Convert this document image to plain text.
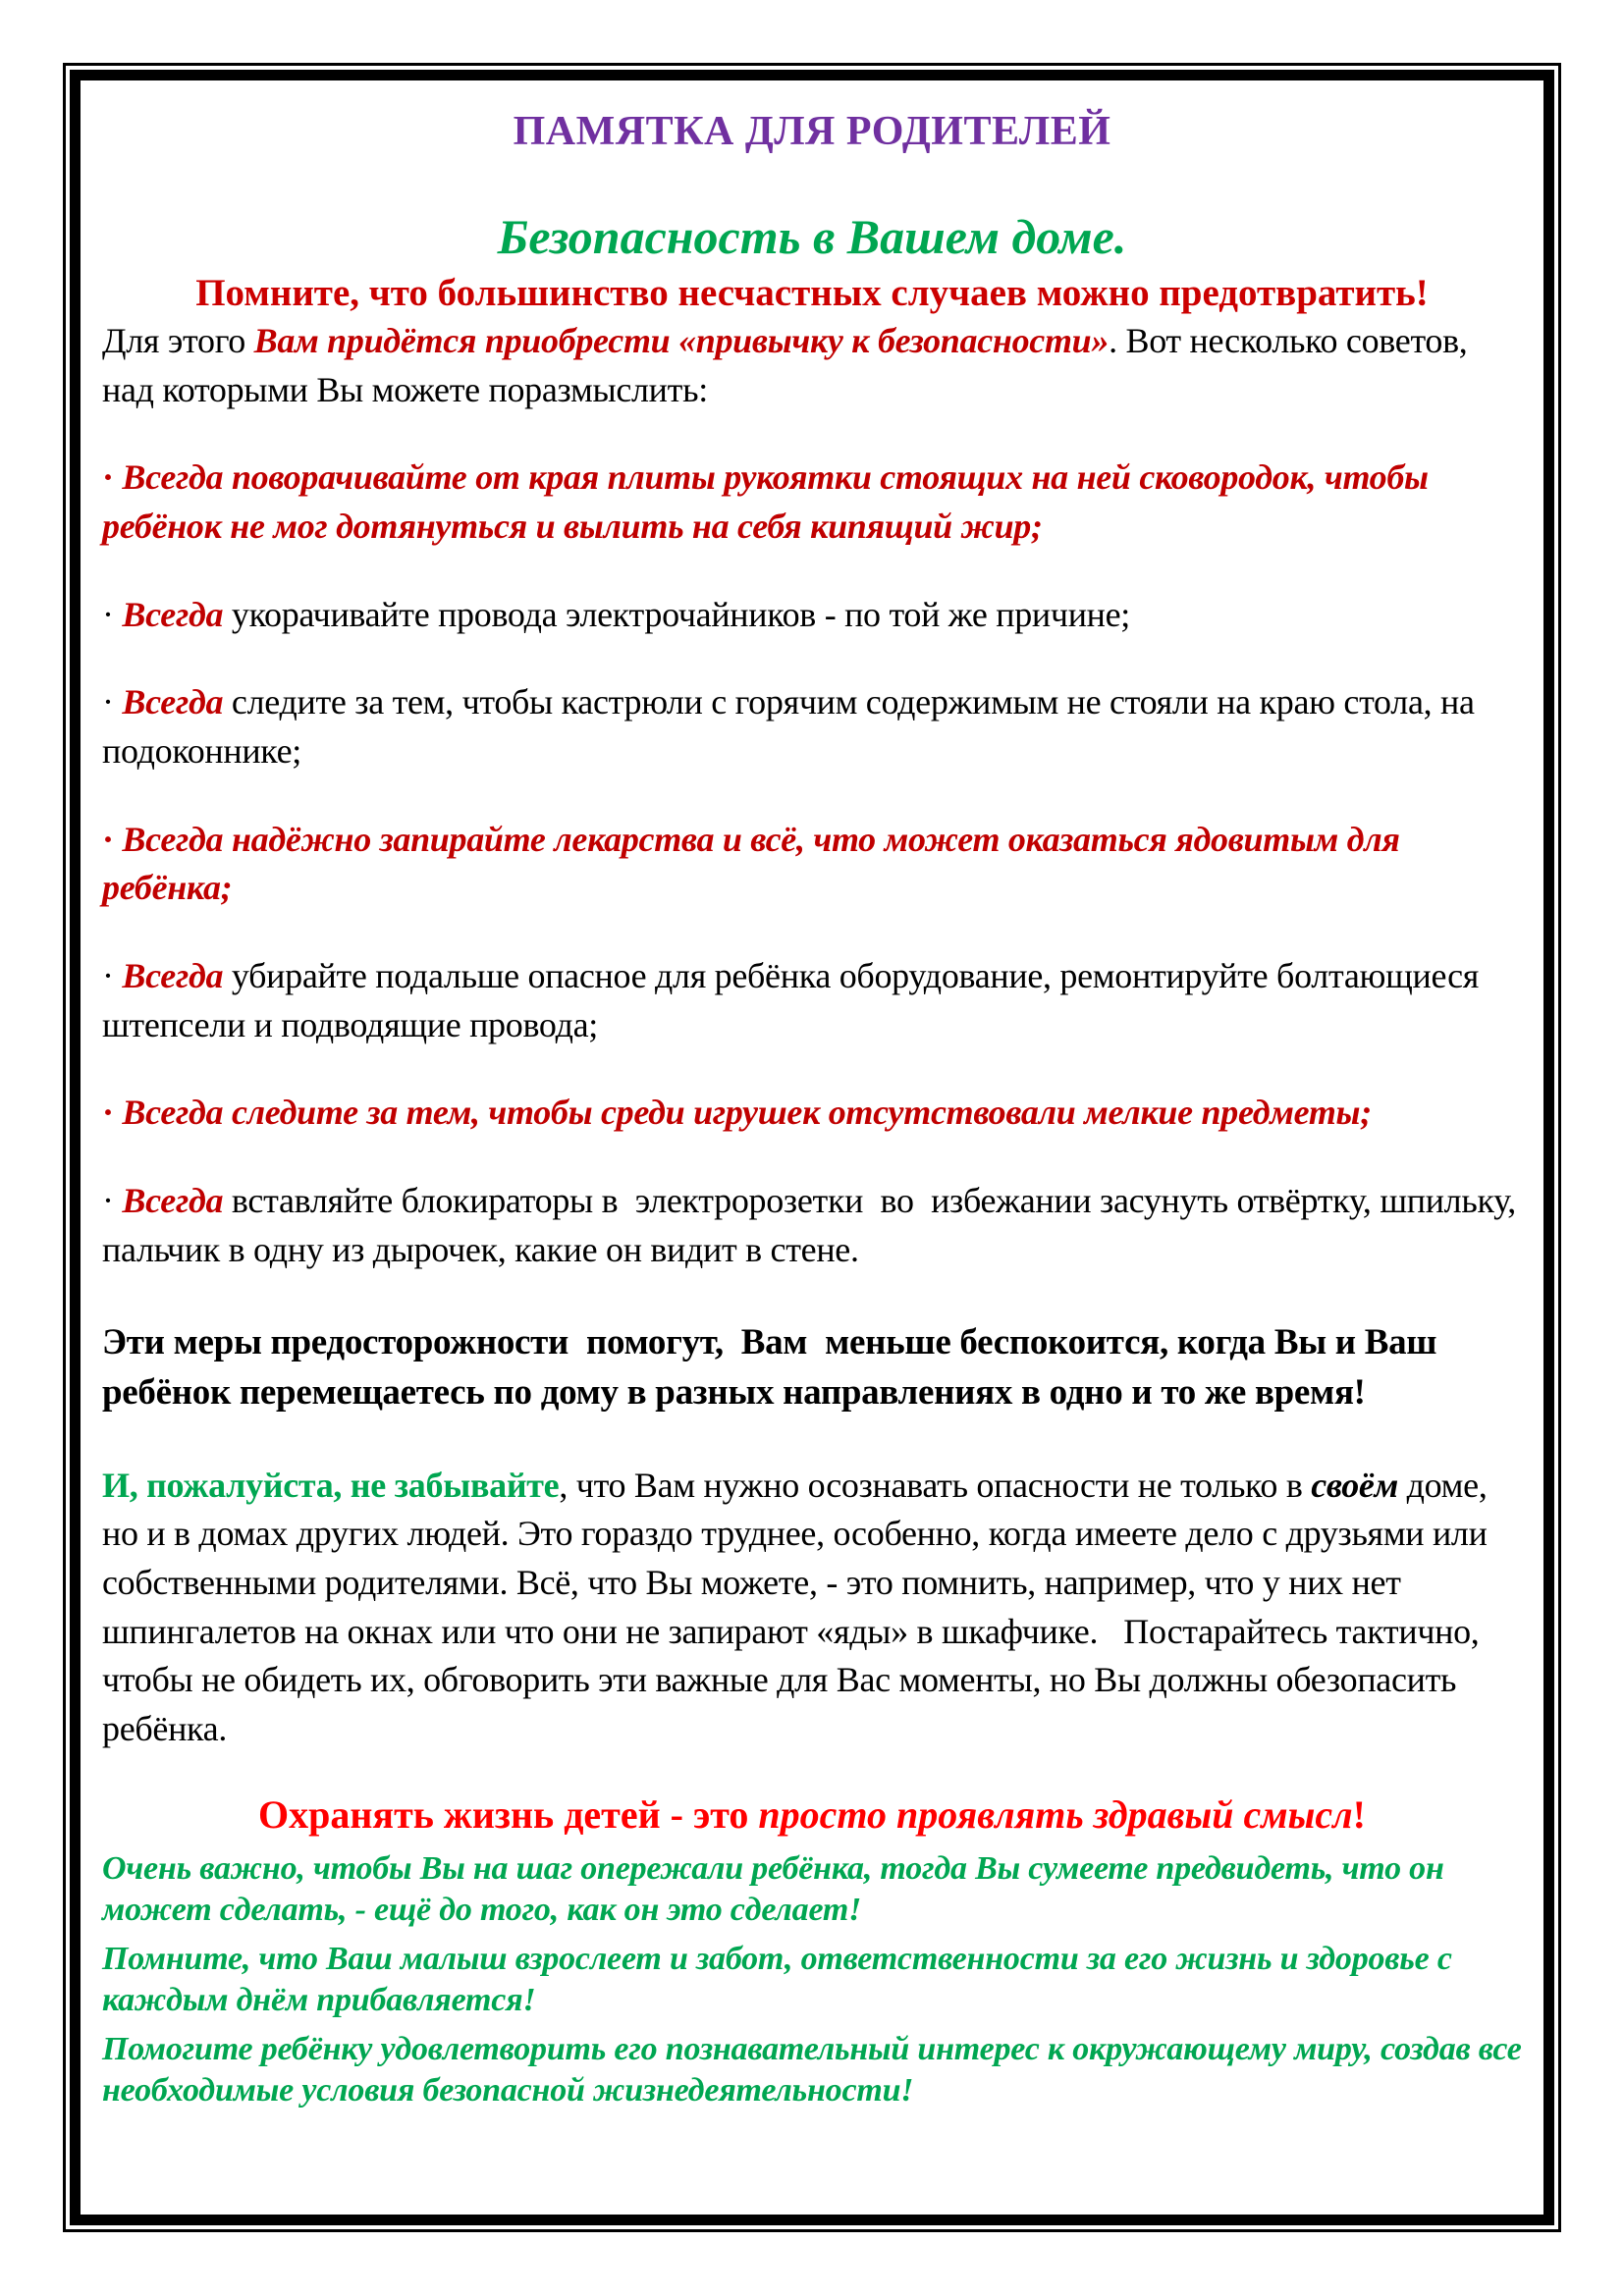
ПАМЯТКА ДЛЯ РОДИТЕЛЕЙ
Безопасность в Вашем доме.

Помните, что большинство несчастных случаев можно предотвратить!

Для этого Вам придётся приобрести «привычку к безопасности». Вот несколько советов, над которыми Вы можете поразмыслить:

· Всегда поворачивайте от края плиты рукоятки стоящих на ней сковородок, чтобы ребёнок не мог дотянуться и вылить на себя кипящий жир;

· Всегда укорачивайте провода электрочайников - по той же причине;

· Всегда следите за тем, чтобы кастрюли с горячим содержимым не стояли на краю стола, на подоконнике;

· Всегда надёжно запирайте лекарства и всё, что может оказаться ядовитым для ребёнка;

· Всегда убирайте подальше опасное для ребёнка оборудование, ремонтируйте болтающиеся штепсели и подводящие провода;

· Всегда следите за тем, чтобы среди игрушек отсутствовали мелкие предметы;

· Всегда вставляйте блокираторы в  электророзетки  во  избежании засунуть отвёртку, шпильку, пальчик в одну из дырочек, какие он видит в стене.

Эти меры предосторожности  помогут,  Вам  меньше беспокоится, когда Вы и Ваш ребёнок перемещаетесь по дому в разных направлениях в одно и то же время!

И, пожалуйста, не забывайте, что Вам нужно осознавать опасности не только в своём доме, но и в домах других людей. Это гораздо труднее, особенно, когда имеете дело с друзьями или собственными родителями. Всё, что Вы можете, - это помнить, например, что у них нет шпингалетов на окнах или что они не запирают «яды» в шкафчике.   Постарайтесь тактично, чтобы не обидеть их, обговорить эти важные для Вас моменты, но Вы должны обезопасить ребёнка.

Охранять жизнь детей - это просто проявлять здравый смысл!

Очень важно, чтобы Вы на шаг опережали ребёнка, тогда Вы сумеете предвидеть, что он может сделать, - ещё до того, как он это сделает!

Помните, что Ваш малыш взрослеет и забот, ответственности за его жизнь и здоровье с каждым днём прибавляется!

Помогите ребёнку удовлетворить его познавательный интерес к окружающему миру, создав все необходимые условия безопасной жизнедеятельности!
